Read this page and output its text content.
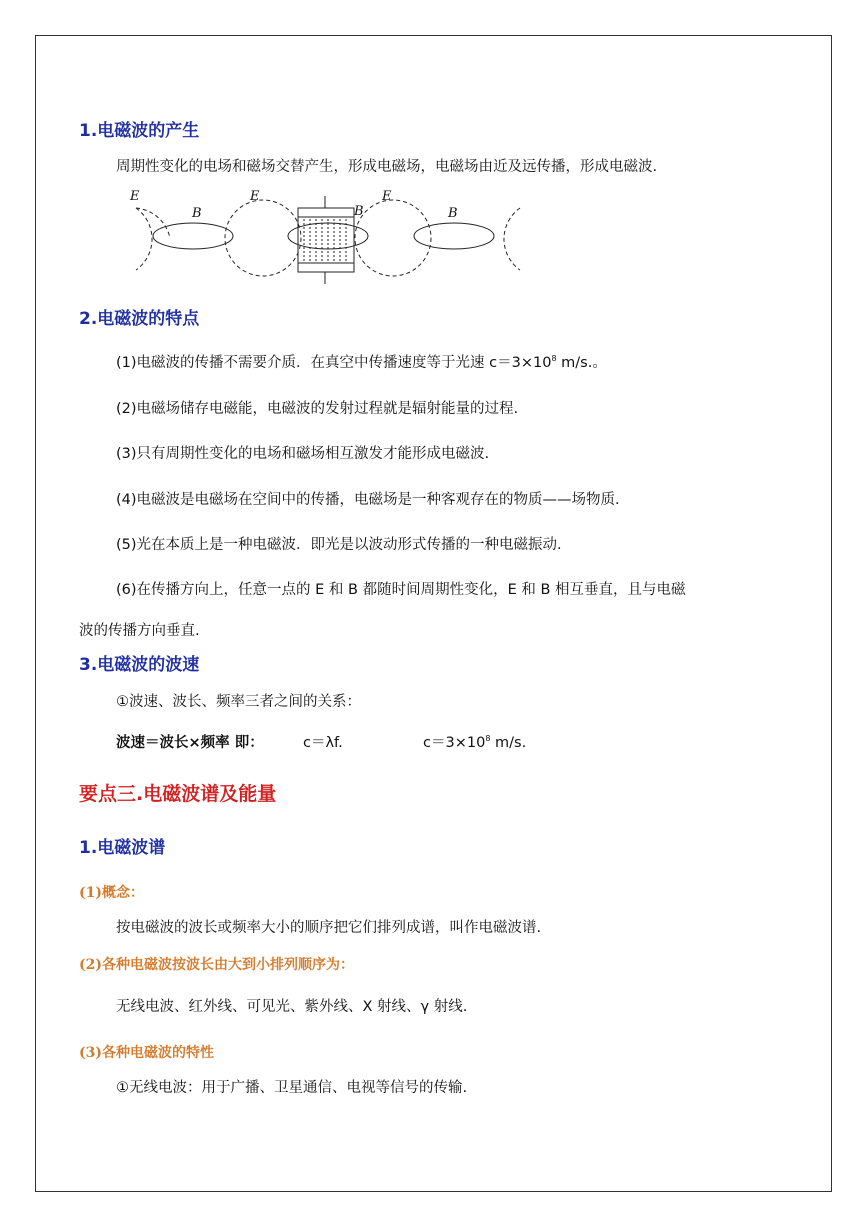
1.电磁波的产生
周期性变化的电场和磁场交替产生，形成电磁场，电磁场由近及远传播，形成电磁波.
E
B
E
B
E
B
2.电磁波的特点
(1)电磁波的传播不需要介质．在真空中传播速度等于光速 $c=3\times 10^8$ m/s.。
(2)电磁场储存电磁能，电磁波的发射过程就是辐射能量的过程.
(3)只有周期性变化的电场和磁场相互激发才能形成电磁波.
(4)电磁波是电磁场在空间中的传播，电磁场是一种客观存在的物质——场物质.
(5)光在本质上是一种电磁波．即光是以波动形式传播的一种电磁振动.
(6)在传播方向上，任意一点的 E 和 B 都随时间周期性变化，E 和 B 相互垂直，且与电磁
波的传播方向垂直.
3.电磁波的波速
①波速、波长、频率三者之间的关系：
波速＝波长×频率 即：	c＝λf.	$c=3\times 10^8$ m/s.
要点三.电磁波谱及能量
1.电磁波谱
(1)概念：
按电磁波的波长或频率大小的顺序把它们排列成谱，叫作电磁波谱.
(2)各种电磁波按波长由大到小排列顺序为：
无线电波、红外线、可见光、紫外线、X 射线、γ 射线.
(3)各种电磁波的特性
①无线电波：用于广播、卫星通信、电视等信号的传输.
